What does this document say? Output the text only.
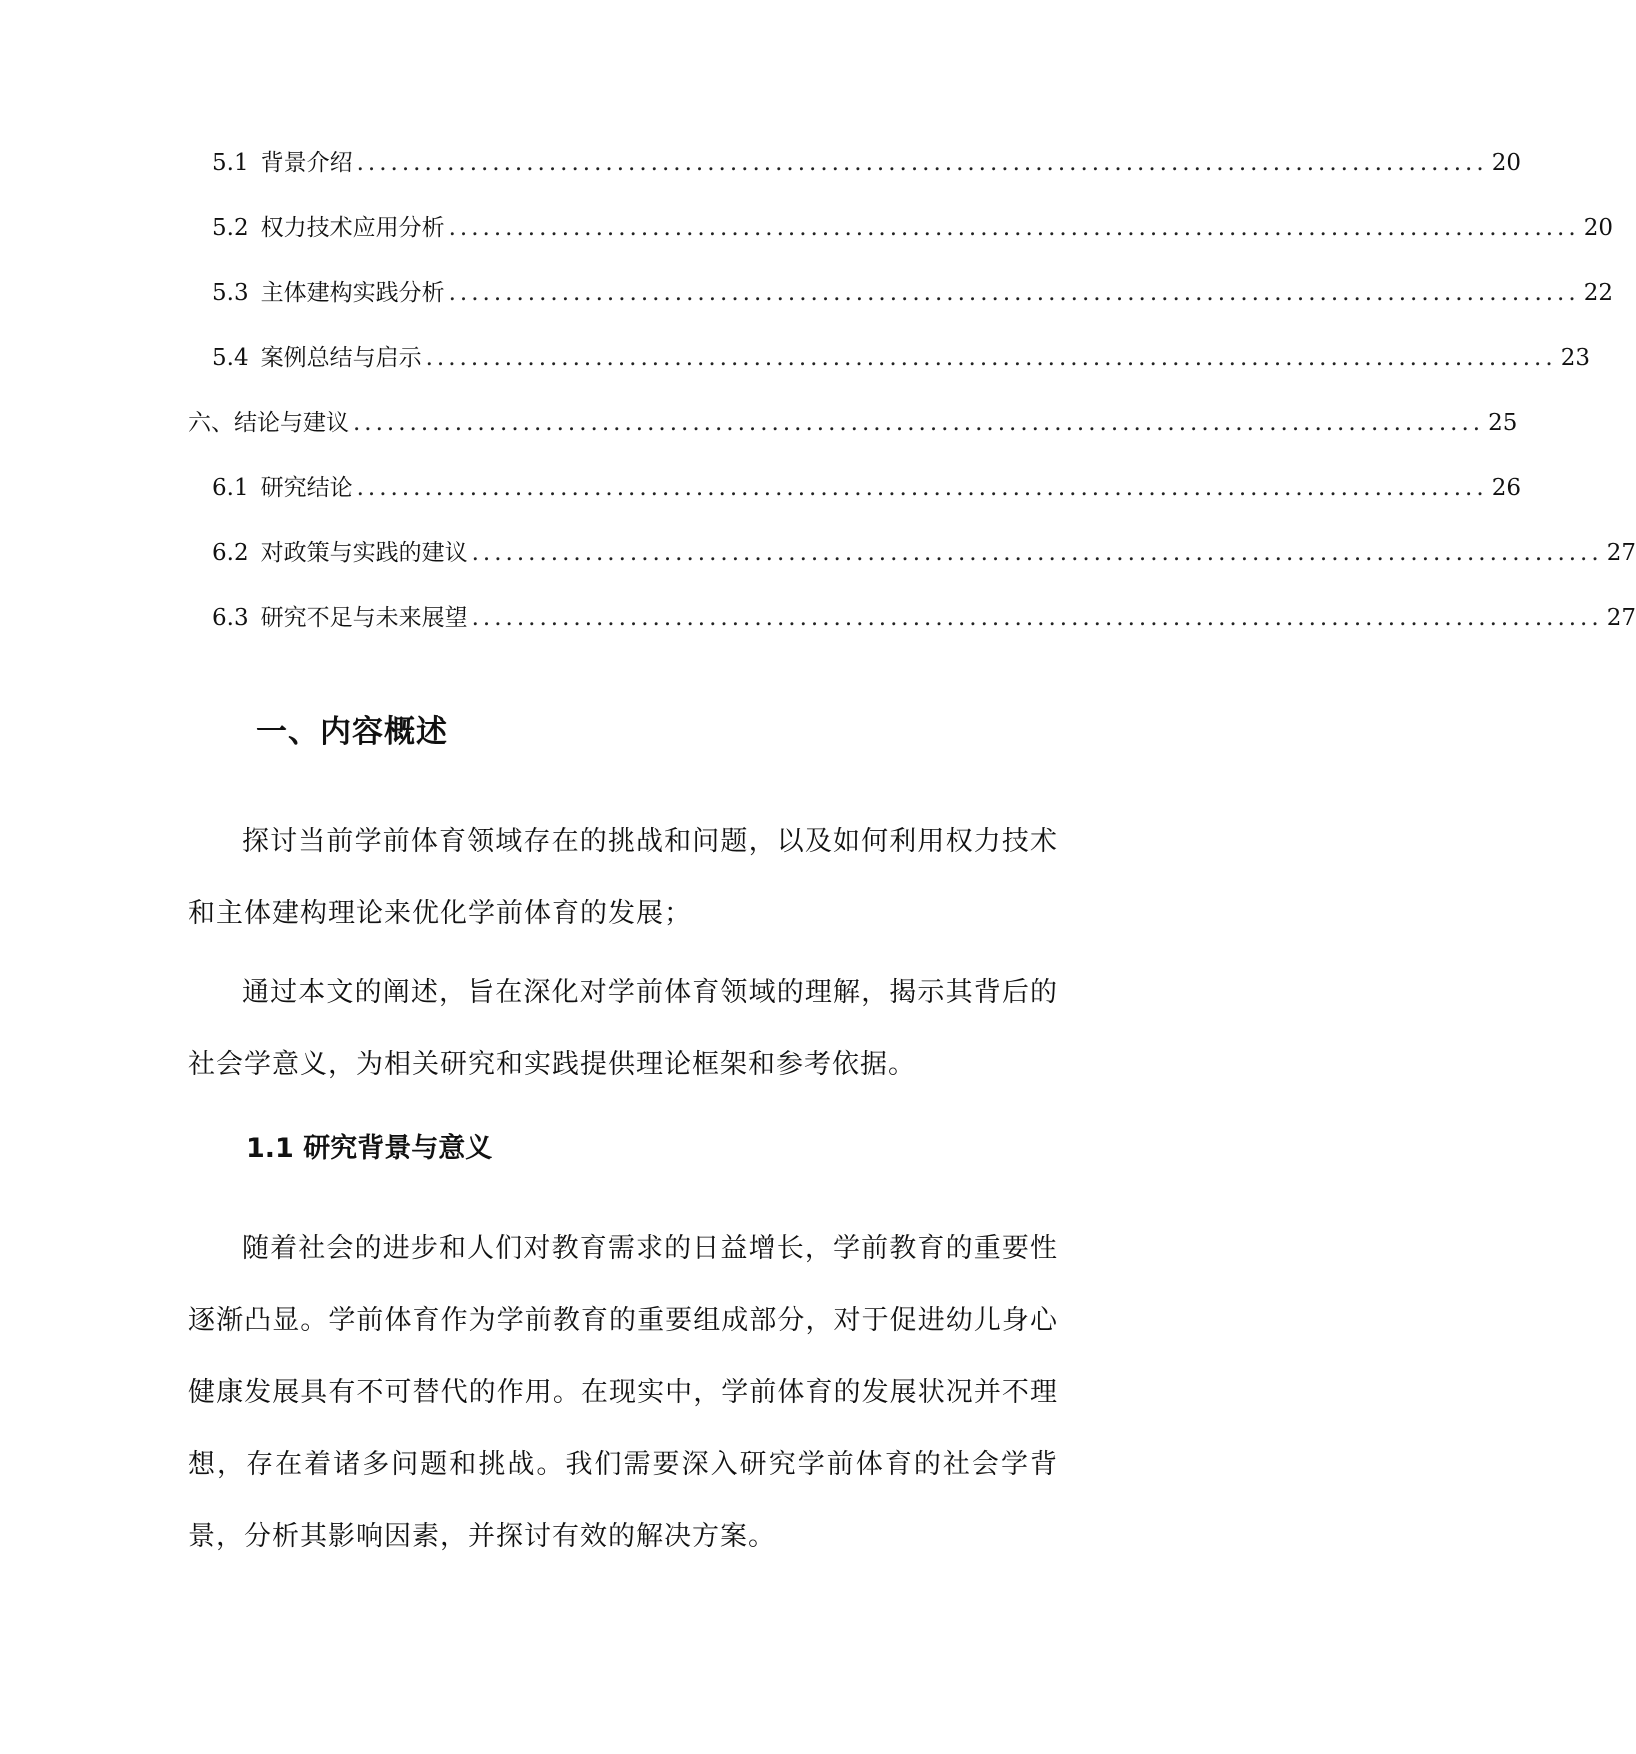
5.1 背景介绍 .................................................................................................... 20
5.2 权力技术应用分析 .................................................................................................... 20
5.3 主体建构实践分析 .................................................................................................... 22
5.4 案例总结与启示 .................................................................................................... 23
六、结论与建议 .................................................................................................... 25
6.1 研究结论 .................................................................................................... 26
6.2 对政策与实践的建议 .................................................................................................... 27
6.3 研究不足与未来展望 .................................................................................................... 27
一、内容概述

探讨当前学前体育领域存在的挑战和问题，以及如何利用权力技术和主体建构理论来优化学前体育的发展；

通过本文的阐述，旨在深化对学前体育领域的理解，揭示其背后的社会学意义，为相关研究和实践提供理论框架和参考依据。

1.1 研究背景与意义

随着社会的进步和人们对教育需求的日益增长，学前教育的重要性逐渐凸显。学前体育作为学前教育的重要组成部分，对于促进幼儿身心健康发展具有不可替代的作用。在现实中，学前体育的发展状况并不理想，存在着诸多问题和挑战。我们需要深入研究学前体育的社会学背景，分析其影响因素，并探讨有效的解决方案。
